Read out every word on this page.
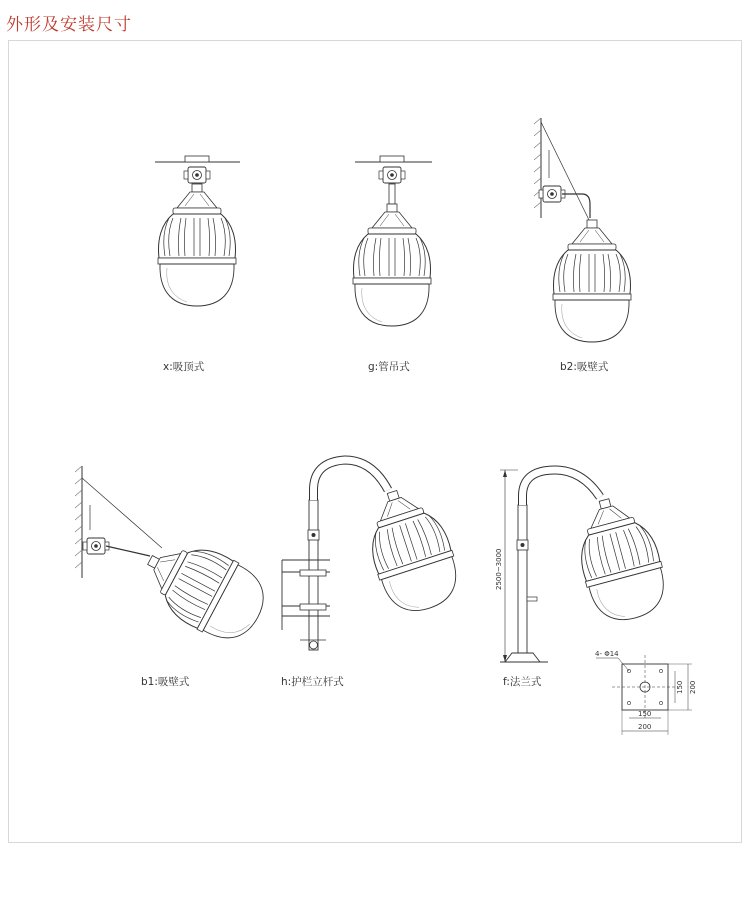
外形及安装尺寸
2500~3000
4- Φ14
150 200
150
200
x:吸顶式	g:管吊式	b2:吸壁式
b1:吸壁式	h:护栏立杆式	f:法兰式
